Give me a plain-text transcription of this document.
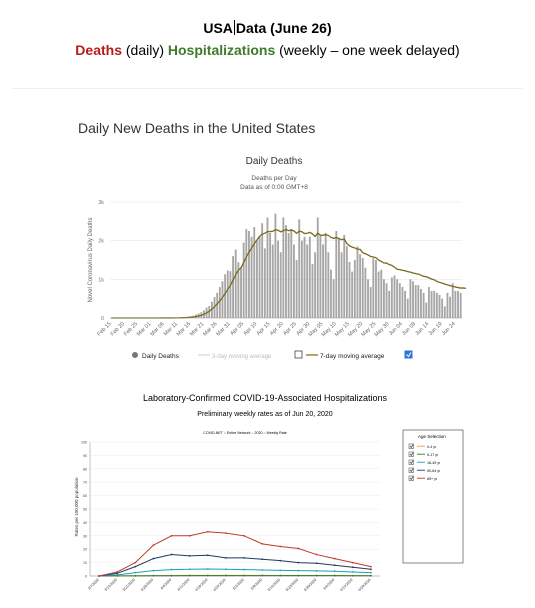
USA Data (June 26)
Deaths (daily) Hospitalizations (weekly – one week delayed)
Daily New Deaths in the United States
Daily Deaths
Deaths per Day
Data as of 0:00 GMT+8
Novel Coronavirus Daily Deaths
0
1k
2k
3k
Feb 15
Feb 20
Feb 25
Mar 01
Mar 06
Mar 11
Mar 16
Mar 21
Mar 26
Mar 31
Apr 05
Apr 10
Apr 15
Apr 20
Apr 25
Apr 30
May 05
May 10
May 15
May 20
May 25
May 30
Jun 04
Jun 09
Jun 14
Jun 19
Jun 24
Daily Deaths	3-day moving average	7-day moving average
Laboratory-Confirmed COVID-19-Associated Hospitalizations
Preliminary weekly rates as of Jun 20, 2020
COVID-NET :: Entire Network :: 2020 :: Weekly Rate
Rates per 100,000 population
0
10
20
30
40
50
60
70
80
90
100
3/7/2020 3/14/2020 3/21/2020 3/28/2020 4/4/2020 4/11/2020 4/18/2020 4/25/2020 5/2/2020 5/9/2020 5/16/2020 5/23/2020 5/30/2020 6/6/2020 6/13/2020 6/20/2020
Age Selection
0-4 yr
5-17 yr
18-49 yr
50-64 yr
65+ yr
